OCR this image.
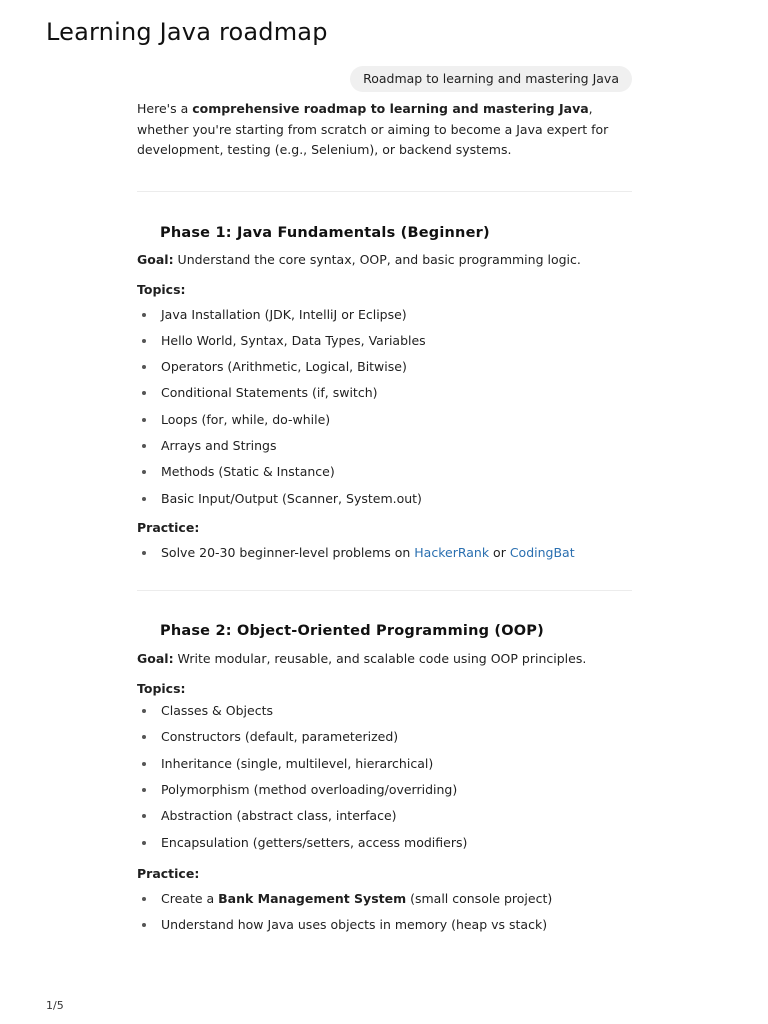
Learning Java roadmap
Roadmap to learning and mastering Java

Here's a comprehensive roadmap to learning and mastering Java, whether you're starting from scratch or aiming to become a Java expert for development, testing (e.g., Selenium), or backend systems.

Phase 1: Java Fundamentals (Beginner)

Goal: Understand the core syntax, OOP, and basic programming logic.

Topics:

Java Installation (JDK, IntelliJ or Eclipse)
Hello World, Syntax, Data Types, Variables
Operators (Arithmetic, Logical, Bitwise)
Conditional Statements (if, switch)
Loops (for, while, do-while)
Arrays and Strings
Methods (Static & Instance)
Basic Input/Output (Scanner, System.out)

Practice:

Solve 20-30 beginner-level problems on HackerRank or CodingBat
Phase 2: Object-Oriented Programming (OOP)

Goal: Write modular, reusable, and scalable code using OOP principles.

Topics:

Classes & Objects
Constructors (default, parameterized)
Inheritance (single, multilevel, hierarchical)
Polymorphism (method overloading/overriding)
Abstraction (abstract class, interface)
Encapsulation (getters/setters, access modifiers)

Practice:

Create a Bank Management System (small console project)
Understand how Java uses objects in memory (heap vs stack)
1/5
